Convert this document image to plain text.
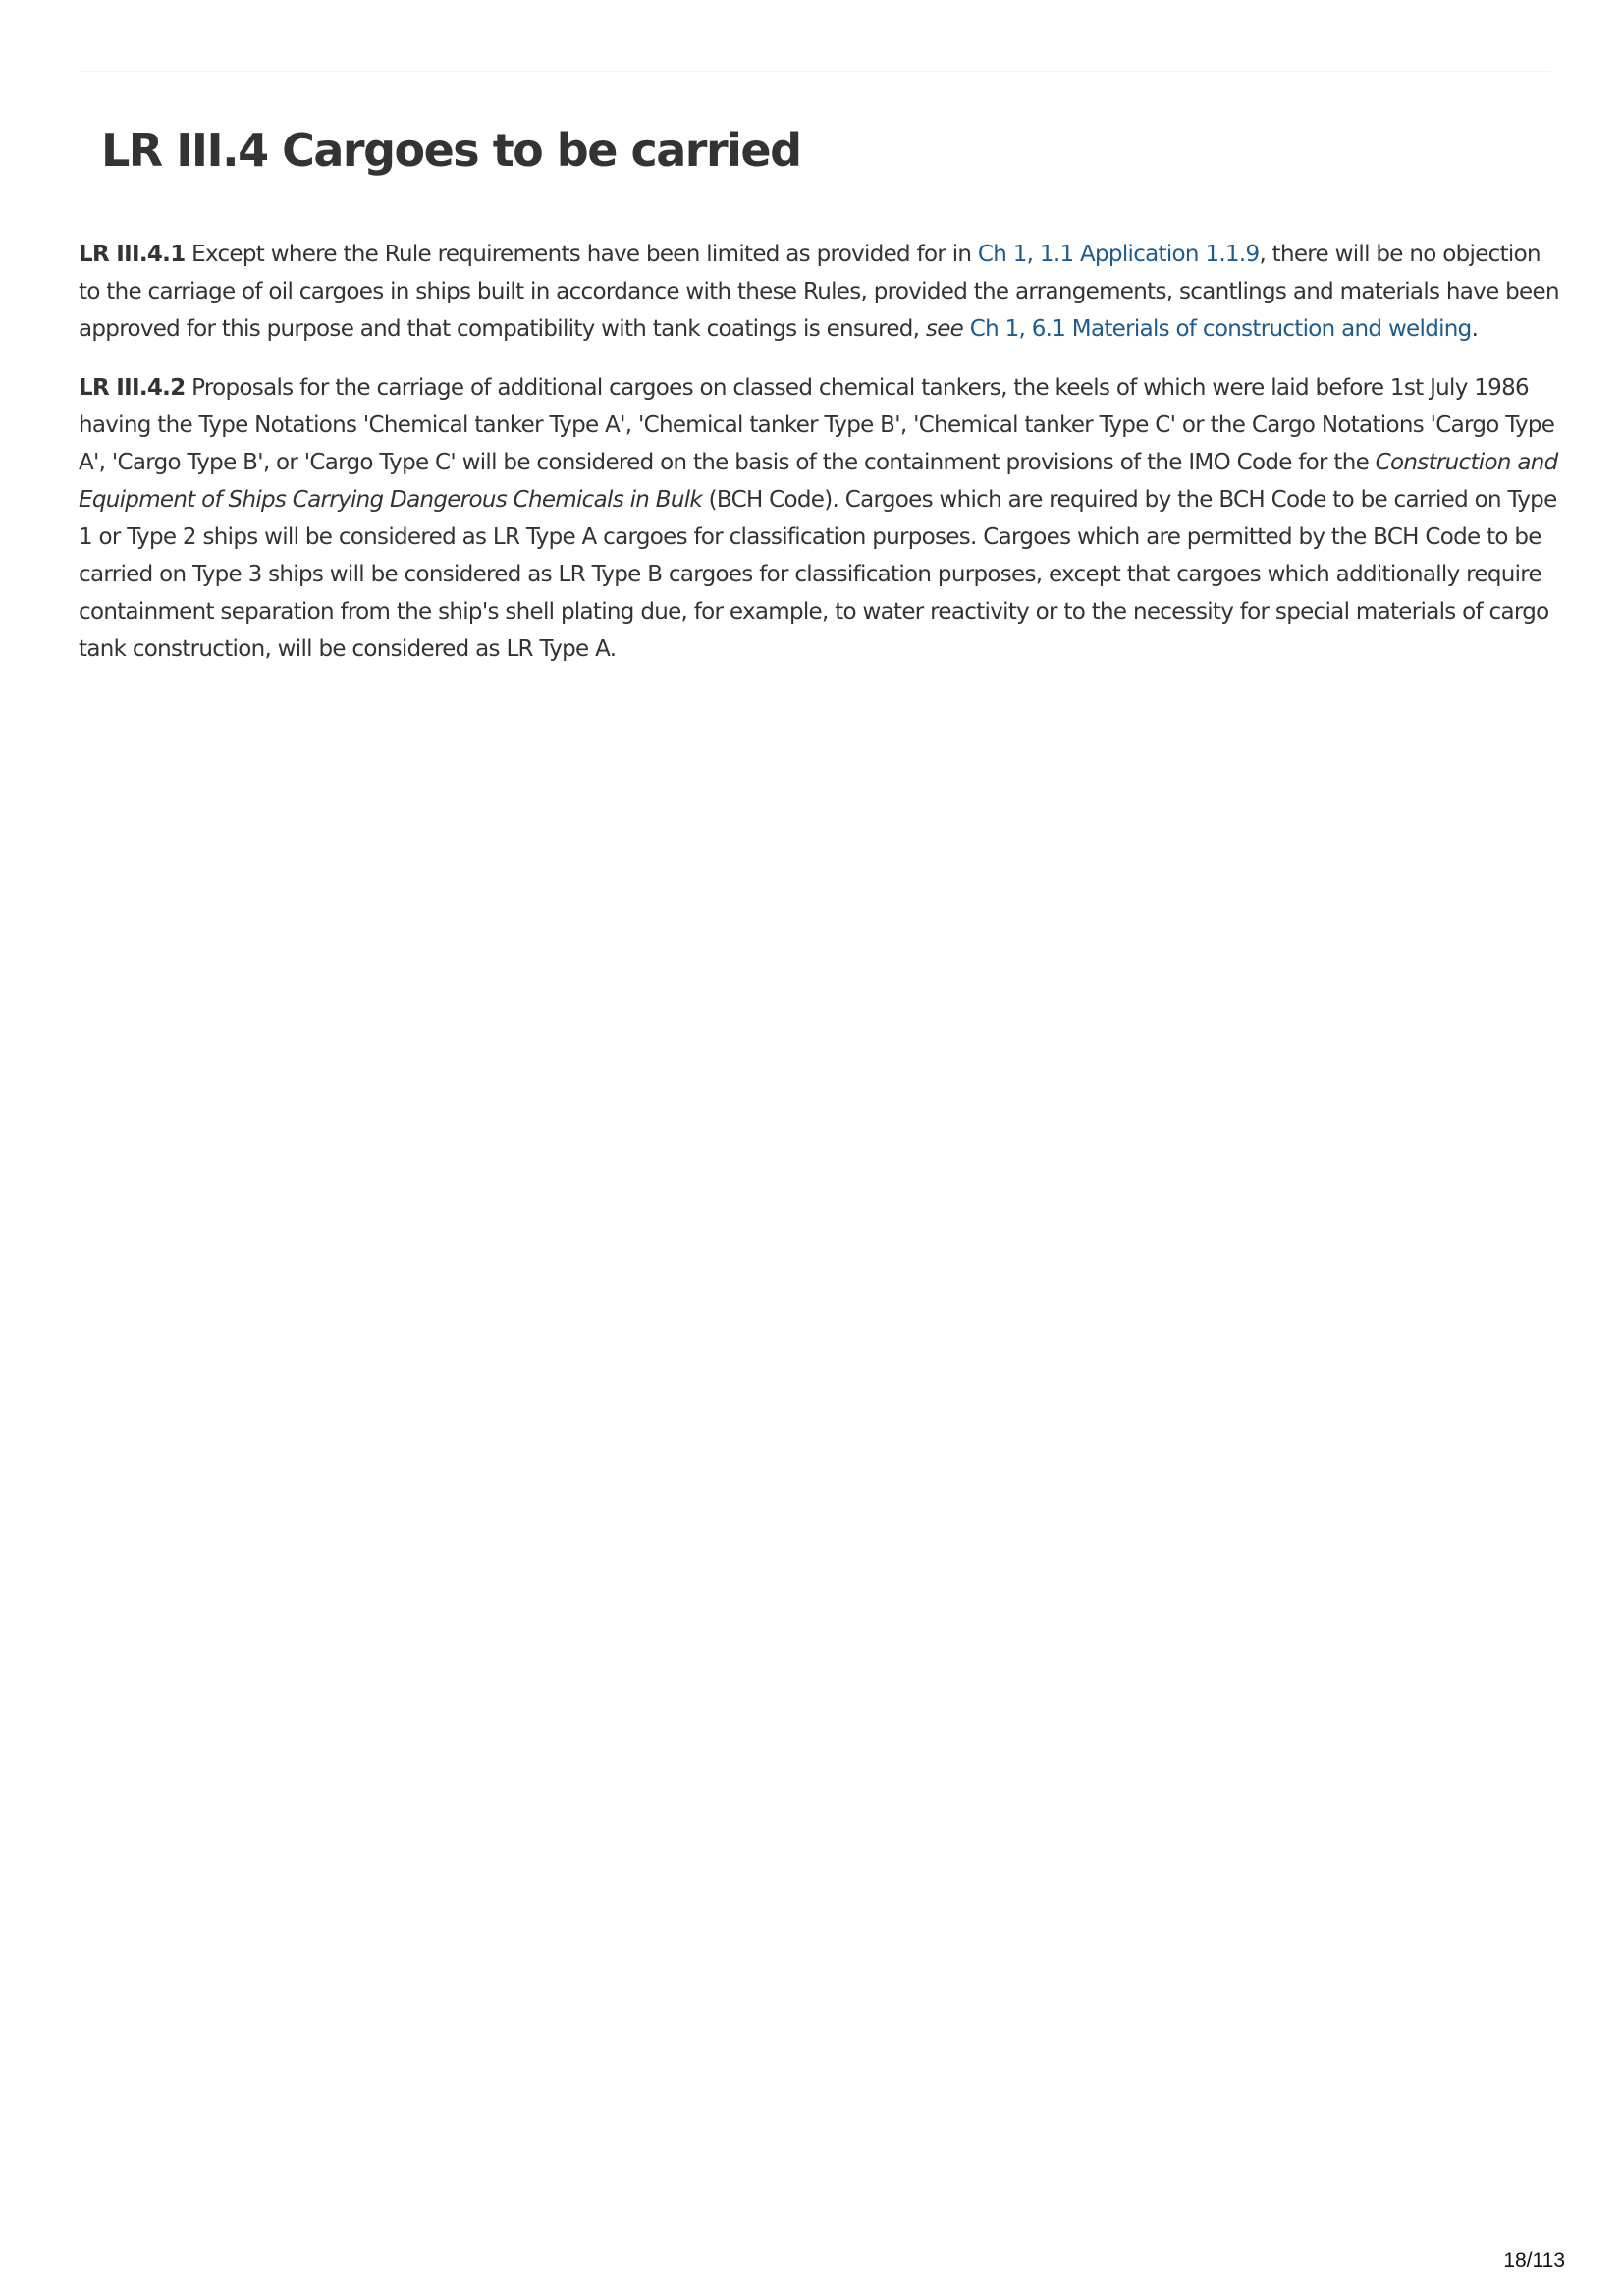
LR III.4 Cargoes to be carried

LR III.4.1 Except where the Rule requirements have been limited as provided for in Ch 1, 1.1 Application 1.1.9, there will be no objection to the carriage of oil cargoes in ships built in accordance with these Rules, provided the arrangements, scantlings and materials have been approved for this purpose and that compatibility with tank coatings is ensured, see Ch 1, 6.1 Materials of construction and welding.

LR III.4.2 Proposals for the carriage of additional cargoes on classed chemical tankers, the keels of which were laid before 1st July 1986 having the Type Notations 'Chemical tanker Type A', 'Chemical tanker Type B', 'Chemical tanker Type C' or the Cargo Notations 'Cargo Type A', 'Cargo Type B', or 'Cargo Type C' will be considered on the basis of the containment provisions of the IMO Code for the Construction and Equipment of Ships Carrying Dangerous Chemicals in Bulk (BCH Code). Cargoes which are required by the BCH Code to be carried on Type 1 or Type 2 ships will be considered as LR Type A cargoes for classification purposes. Cargoes which are permitted by the BCH Code to be carried on Type 3 ships will be considered as LR Type B cargoes for classification purposes, except that cargoes which additionally require containment separation from the ship's shell plating due, for example, to water reactivity or to the necessity for special materials of cargo tank construction, will be considered as LR Type A.

18/113
